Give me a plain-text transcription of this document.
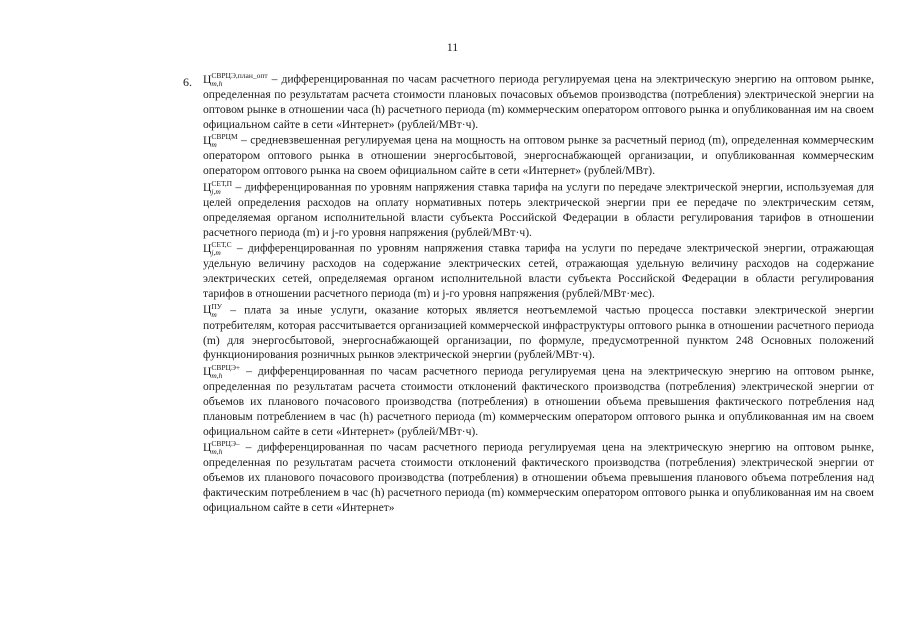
11
6. Ц СВРЦЭ,план_опт
m,h	– дифференцированная по часам расчетного периода регулируемая цена на электрическую энергию на оптовом рынке, определенная по результатам расчета стоимости плановых почасовых объемов производства (потребления) электрической энергии на оптовом рынке в отношении часа (h) расчетного периода (m) коммерческим оператором оптового рынка и опубликованная им на своем официальном сайте в сети «Интернет» (рублей/МВт·ч).

Ц СВРЦМ
m	– средневзвешенная регулируемая цена на мощность на оптовом рынке за расчетный период (m), определенная коммерческим оператором оптового рынка в отношении энергосбытовой, энергоснабжающей организации, и опубликованная коммерческим оператором оптового рынка на своем официальном сайте в сети «Интернет» (рублей/МВт).

Ц СЕТ,П
j,m – дифференцированная по уровням напряжения ставка тарифа на услуги по передаче электрической энергии, используемая для целей определения расходов на оплату нормативных потерь электрической энергии при ее передаче по электрическим сетям, определяемая органом исполнительной власти субъекта Российской Федерации в области регулирования тарифов в отношении расчетного периода (m) и j-го уровня напряжения (рублей/МВт·ч).

Ц СЕТ,С
j,m – дифференцированная по уровням напряжения ставка тарифа на услуги по передаче электрической энергии, отражающая удельную величину расходов на содержание электрических сетей, отражающая удельную величину расходов на содержание электрических сетей, определяемая органом исполнительной власти субъекта Российской Федерации в области регулирования тарифов в отношении расчетного периода (m) и j-го уровня напряжения (рублей/МВт·мес).

Ц ПУ
m – плата за иные услуги, оказание которых является неотъемлемой частью процесса поставки электрической энергии потребителям, которая рассчитывается организацией коммерческой инфраструктуры оптового рынка в отношении расчетного периода (m) для энергосбытовой, энергоснабжающей организации, по формуле, предусмотренной пунктом 248 Основных положений функционирования розничных рынков электрической энергии (рублей/МВт·ч).

Ц СВРЦЭ+
m,h	– дифференцированная по часам расчетного периода регулируемая цена на электрическую энергию на оптовом рынке, определенная по результатам расчета стоимости отклонений фактического производства (потребления) электрической энергии от объемов их планового почасового производства (потребления) в отношении объема превышения фактического потребления над плановым потреблением в час (h) расчетного периода (m) коммерческим оператором оптового рынка и опубликованная им на своем официальном сайте в сети «Интернет» (рублей/МВт·ч).

Ц СВРЦЭ–
m,h	– дифференцированная по часам расчетного периода регулируемая цена на электрическую энергию на оптовом рынке, определенная по результатам расчета стоимости отклонений фактического производства (потребления) электрической энергии от объемов их планового почасового производства (потребления) в отношении объема превышения планового объема потребления над фактическим потреблением в час (h) расчетного периода (m) коммерческим оператором оптового рынка и опубликованная им на своем официальном сайте в сети «Интернет»
